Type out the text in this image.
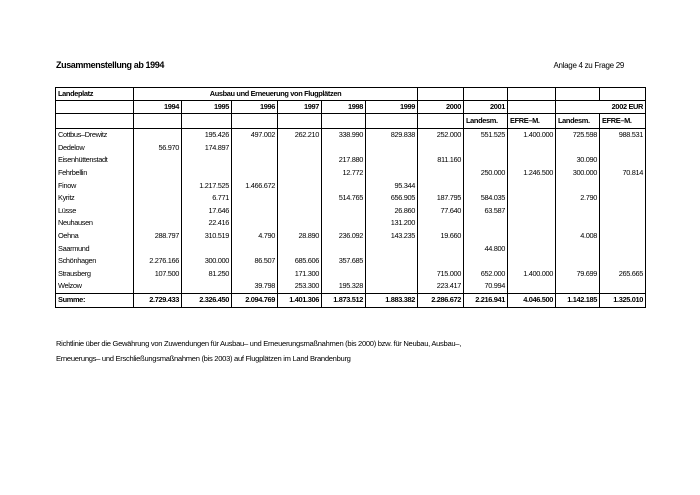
Zusammenstellung ab 1994	Anlage 4 zu Frage 29
Landeplatz	Ausbau und Erneuerung von Flugplätzen										
	1994	1995	1996	1997	1998	1999	2000	2001		2002 EUR	
								Landesm.	EFRE–M.	Landesm.	EFRE–M.
Cottbus–Drewitz		195.426	497.002	262.210	338.990	829.838	252.000	551.525	1.400.000	725.598	988.531
Dedelow	56.970	174.897									
Eisenhüttenstadt					217.880		811.160			30.090	
Fehrbellin					12.772			250.000	1.246.500	300.000	70.814
Finow		1.217.525	1.466.672			95.344					
Kyritz		6.771			514.765	656.905	187.795	584.035		2.790	
Lüsse		17.646				26.860	77.640	63.587			
Neuhausen		22.416				131.200					
Oehna	288.797	310.519	4.790	28.890	236.092	143.235	19.660			4.008	
Saarmund								44.800			
Schönhagen	2.276.166	300.000	86.507	685.606	357.685						
Strausberg	107.500	81.250		171.300			715.000	652.000	1.400.000	79.699	265.665
Welzow			39.798	253.300	195.328		223.417	70.994			
Summe:	2.729.433	2.326.450	2.094.769	1.401.306	1.873.512	1.883.382	2.286.672	2.216.941	4.046.500	1.142.185	1.325.010
Richtlinie über die Gewährung von Zuwendungen für Ausbau– und Erneuerungsmaßnahmen (bis 2000) bzw. für Neubau, Ausbau–,
Erneuerungs– und Erschließungsmaßnahmen (bis 2003) auf Flugplätzen im Land Brandenburg
